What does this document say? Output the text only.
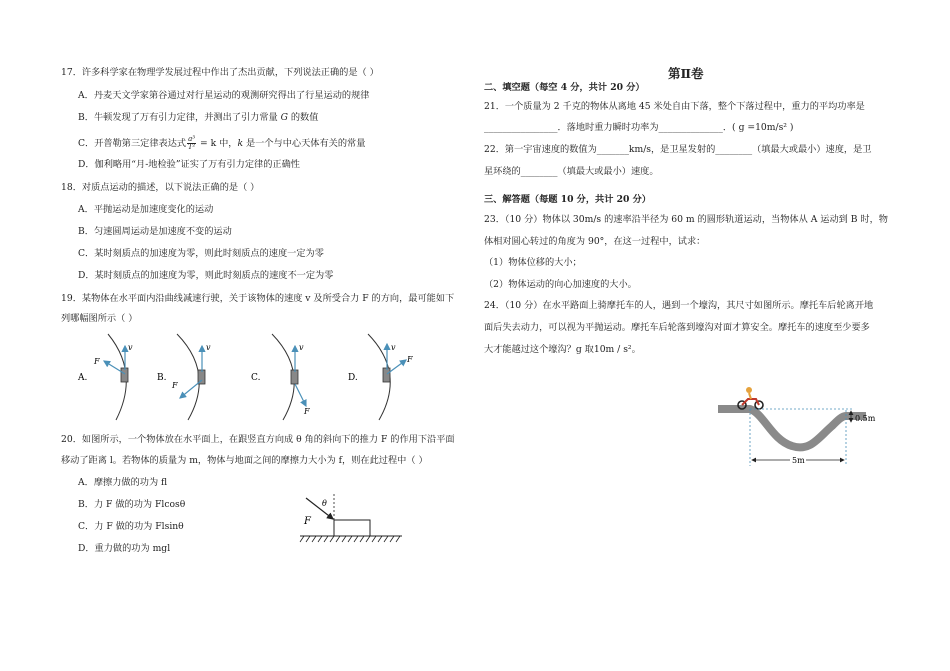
17．许多科学家在物理学发展过程中作出了杰出贡献，下列说法正确的是（ ）
A．丹麦天文学家第谷通过对行星运动的观测研究得出了行星运动的规律
B．牛顿发现了万有引力定律，并测出了引力常量 G 的数值
C．开普勒第三定律表达式 $\frac{\text{a³}}{\text{T²}} = k$ 中，k 是一个与中心天体有关的常量
D．伽利略用“月-地检验”证实了万有引力定律的正确性
18．对质点运动的描述，以下说法正确的是（ ）
A．平抛运动是加速度变化的运动
B．匀速圆周运动是加速度不变的运动
C．某时刻质点的加速度为零，则此时刻质点的速度一定为零
D．某时刻质点的加速度为零，则此时刻质点的速度不一定为零
19．某物体在水平面内沿曲线减速行驶，关于该物体的速度 v 及所受合力 F 的方向，最可能如下
列哪幅图所示（ ）
A.
v
F
B.
v
F
C.
v
F
D.
v
F
20．如图所示，一个物体放在水平面上，在跟竖直方向成 θ 角的斜向下的推力 F 的作用下沿平面
移动了距离 l。若物体的质量为 m，物体与地面之间的摩擦力大小为 f，则在此过程中（ ）
A．摩擦力做的功为 fl
B．力 F 做的功为 Flcosθ
C．力 F 做的功为 Flsinθ
D．重力做的功为 mgl
θ
F
第Ⅱ卷
二、填空题（每空 4 分，共计 20 分）
21．一个质量为 2 千克的物体从离地 45 米处自由下落，整个下落过程中，重力的平均功率是
________________．落地时重力瞬时功率为______________．( g =10m/s² )
22．第一宇宙速度的数值为_______km/s，是卫星发射的________（填最大或最小）速度，是卫
星环绕的________（填最大或最小）速度。
三、解答题（每题 10 分，共计 20 分）
23．（10 分）物体以 30m/s 的速率沿半径为 60 m 的圆形轨道运动，当物体从 A 运动到 B 时，物
体相对圆心转过的角度为 90°，在这一过程中，试求：
（1）物体位移的大小；
（2）物体运动的向心加速度的大小。
24．（10 分）在水平路面上骑摩托车的人，遇到一个壕沟，其尺寸如图所示。摩托车后轮离开地
面后失去动力，可以视为平抛运动。摩托车后轮落到壕沟对面才算安全。摩托车的速度至少要多
大才能越过这个壕沟？g 取10m / s²。
0.5m
5m
